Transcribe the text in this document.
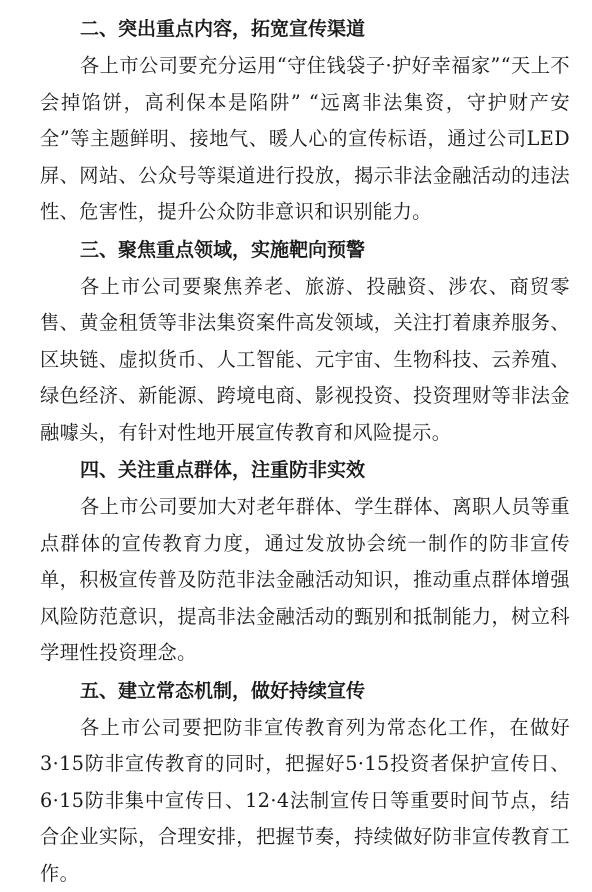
二、突出重点内容，拓宽宣传渠道

各上市公司要充分运用“守住钱袋子·护好幸福家”“天上不会掉馅饼，高利保本是陷阱” “远离非法集资，守护财产安全”等主题鲜明、接地气、暖人心的宣传标语，通过公司LED屏、网站、公众号等渠道进行投放，揭示非法金融活动的违法性、危害性，提升公众防非意识和识别能力。

三、聚焦重点领域，实施靶向预警

各上市公司要聚焦养老、旅游、投融资、涉农、商贸零售、黄金租赁等非法集资案件高发领域，关注打着康养服务、区块链、虚拟货币、人工智能、元宇宙、生物科技、云养殖、绿色经济、新能源、跨境电商、影视投资、投资理财等非法金融噱头，有针对性地开展宣传教育和风险提示。

四、关注重点群体，注重防非实效

各上市公司要加大对老年群体、学生群体、离职人员等重点群体的宣传教育力度，通过发放协会统一制作的防非宣传单，积极宣传普及防范非法金融活动知识，推动重点群体增强风险防范意识，提高非法金融活动的甄别和抵制能力，树立科学理性投资理念。

五、建立常态机制，做好持续宣传

各上市公司要把防非宣传教育列为常态化工作，在做好3·15防非宣传教育的同时，把握好5·15投资者保护宣传日、6·15防非集中宣传日、12·4法制宣传日等重要时间节点，结合企业实际，合理安排，把握节奏，持续做好防非宣传教育工作。
